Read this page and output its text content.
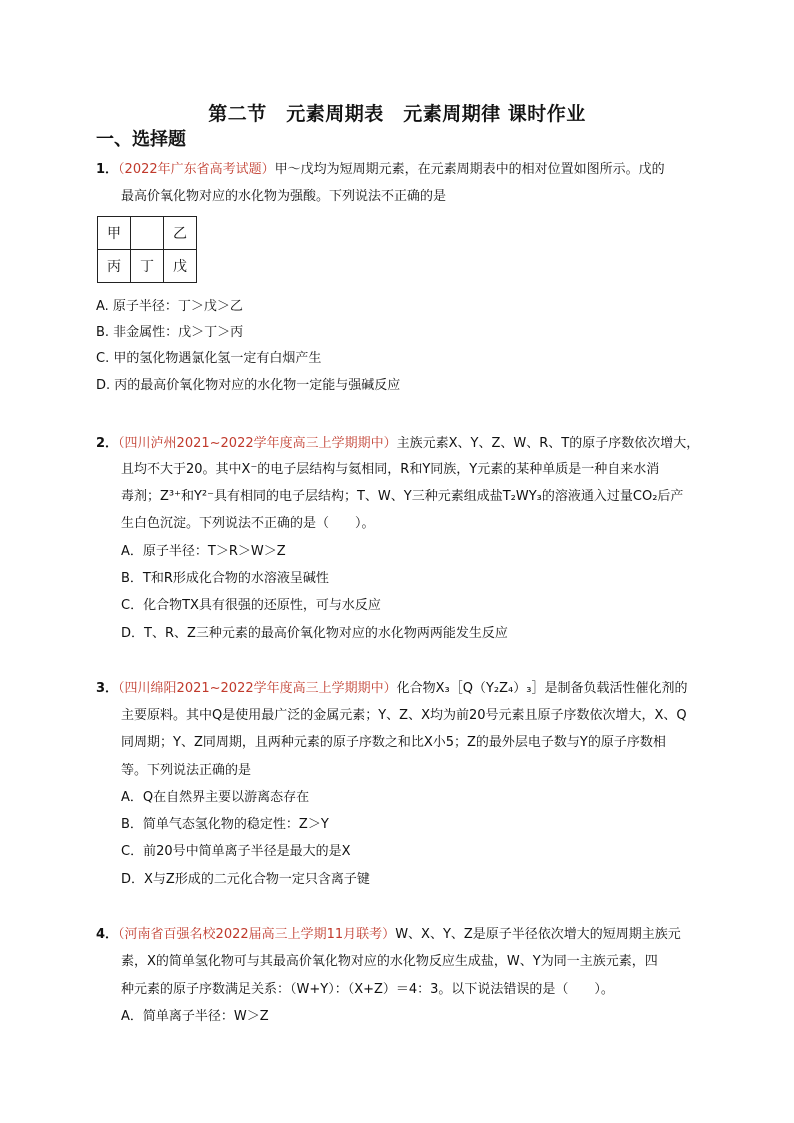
第二节　元素周期表　元素周期律 课时作业
一、选择题
1．（2022年广东省高考试题）甲～戊均为短周期元素，在元素周期表中的相对位置如图所示。戊的
最高价氧化物对应的水化物为强酸。下列说法不正确的是
甲		乙
丙	丁	戊
A. 原子半径：丁＞戊＞乙
B. 非金属性：戊＞丁＞丙
C. 甲的氢化物遇氯化氢一定有白烟产生
D. 丙的最高价氧化物对应的水化物一定能与强碱反应
2．（四川泸州2021~2022学年度高三上学期期中）主族元素X、Y、Z、W、R、T的原子序数依次增大，
且均不大于20。其中X⁻的电子层结构与氦相同，R和Y同族，Y元素的某种单质是一种自来水消
毒剂；Z³⁺和Y²⁻具有相同的电子层结构；T、W、Y三种元素组成盐T₂WY₃的溶液通入过量CO₂后产
生白色沉淀。下列说法不正确的是（　　）。
A．原子半径：T＞R＞W＞Z
B．T和R形成化合物的水溶液呈碱性
C．化合物TX具有很强的还原性，可与水反应
D．T、R、Z三种元素的最高价氧化物对应的水化物两两能发生反应
3．（四川绵阳2021~2022学年度高三上学期期中）化合物X₃［Q（Y₂Z₄）₃］是制备负载活性催化剂的
主要原料。其中Q是使用最广泛的金属元素；Y、Z、X均为前20号元素且原子序数依次增大，X、Q
同周期；Y、Z同周期，且两种元素的原子序数之和比X小5；Z的最外层电子数与Y的原子序数相
等。下列说法正确的是
A．Q在自然界主要以游离态存在
B．简单气态氢化物的稳定性：Z＞Y
C．前20号中简单离子半径是最大的是X
D．X与Z形成的二元化合物一定只含离子键
4．（河南省百强名校2022届高三上学期11月联考）W、X、Y、Z是原子半径依次增大的短周期主族元
素，X的简单氢化物可与其最高价氧化物对应的水化物反应生成盐，W、Y为同一主族元素，四
种元素的原子序数满足关系：（W+Y）：（X+Z）＝4：3。以下说法错误的是（　　）。
A．简单离子半径：W＞Z
